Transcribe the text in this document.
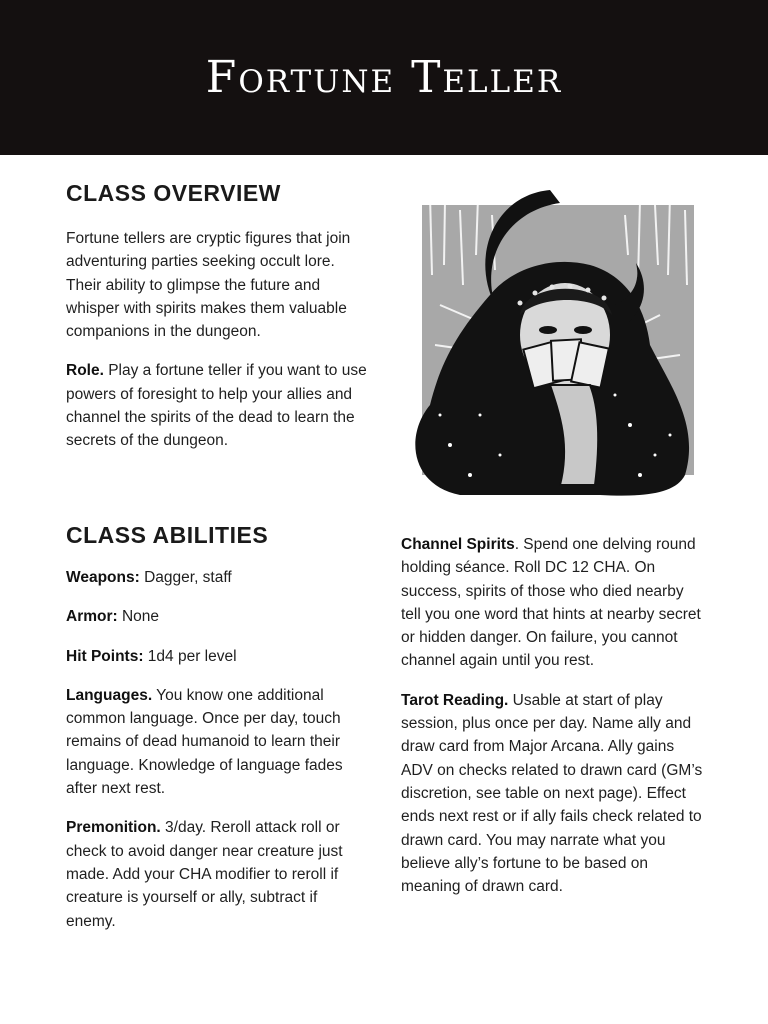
Fortune Teller
CLASS OVERVIEW

Fortune tellers are cryptic figures that join adventuring parties seeking occult lore. Their ability to glimpse the future and whisper with spirits makes them valuable companions in the dungeon.

Role. Play a fortune teller if you want to use powers of foresight to help your allies and channel the spirits of the dead to learn the secrets of the dungeon.

CLASS ABILITIES

Weapons: Dagger, staff

Armor: None

Hit Points: 1d4 per level

Languages. You know one additional common language. Once per day, touch remains of dead humanoid to learn their language. Knowledge of language fades after next rest.

Premonition. 3/day. Reroll attack roll or check to avoid danger near creature just made. Add your CHA modifier to reroll if creature is yourself or ally, subtract if enemy.

Channel Spirits. Spend one delving round holding séance. Roll DC 12 CHA. On success, spirits of those who died nearby tell you one word that hints at nearby secret or hidden danger. On failure, you cannot channel again until you rest.

Tarot Reading. Usable at start of play session, plus once per day. Name ally and draw card from Major Arcana. Ally gains ADV on checks related to drawn card (GM’s discretion, see table on next page). Effect ends next rest or if ally fails check related to drawn card. You may narrate what you believe ally’s fortune to be based on meaning of drawn card.
